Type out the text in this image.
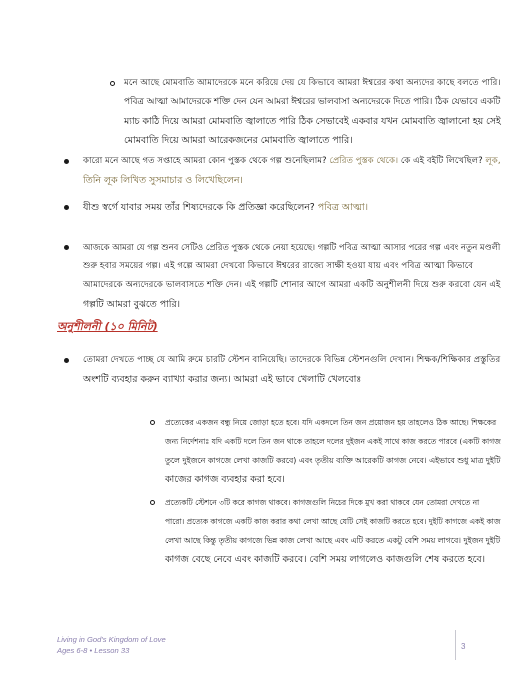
মনে আছে মোমবাতি আমাদেরকে মনে করিয়ে দেয় যে কিভাবে আমরা ঈশ্বরের কথা অন্যদের কাছে বলতে পারি।
পবিত্র আত্মা আমাদেরকে শক্তি দেন যেন আমরা ঈশ্বরের ভালবাসা অন্যদেরকে দিতে পারি। ঠিক যেভাবে একটি
ম্যাচ কাঠি দিয়ে আমরা মোমবাতি জ্বালাতে পারি ঠিক সেভাবেই একবার যখন মোমবাতি জ্বালানো হয় সেই
মোমবাতি দিয়ে আমরা আরেকজনের মোমবাতি জ্বালাতে পারি।

কারো মনে আছে গত সপ্তাহে আমরা কোন পুস্তক থেকে গল্প শুনেছিলাম? প্রেরিত পুস্তক থেকে। কে এই বইটি লিখেছিল? লূক,
তিনি লূক লিখিত সুসমাচার ও লিখেছিলেন।

যীশু স্বর্গে যাবার সময় তাঁর শিষ্যদেরকে কি প্রতিজ্ঞা করেছিলেন? পবিত্র আত্মা।

আজকে আমরা যে গল্প শুনব সেটিও প্রেরিত পুস্তক থেকে নেয়া হয়েছে। গল্পটি পবিত্র আত্মা আসার পরের গল্প এবং নতুন মণ্ডলী
শুরু হবার সময়ের গল্প। এই গল্পে আমরা দেখবো কিভাবে ঈশ্বরের রাজ্যে সাক্ষী হওয়া যায় এবং পবিত্র আত্মা কিভাবে
আমাদেরকে অন্যদেরকে ভালবাসতে শক্তি দেন। এই গল্পটি শোনার আগে আমরা একটি অনুশীলনী দিয়ে শুরু করবো যেন এই
গল্পটি আমরা বুঝতে পারি।

অনুশীলনী (১০ মিনিট)

তোমরা দেখতে পাচ্ছ যে আমি রুমে চারটি স্টেশন বানিয়েছি। তাদেরকে বিভিন্ন স্টেশনগুলি দেখান। শিক্ষক/শিক্ষিকার প্রস্তুতির
অংশটি ব্যবহার করুন ব্যাখ্যা করার জন্য। আমরা এই ভাবে খেলাটি খেলবোঃ

প্রত্যেকের একজন বন্ধু নিয়ে জোড়া হতে হবে। যদি একদলে তিন জন প্রয়োজন হয় তাহলেও ঠিক আছে। শিক্ষকের
জন্য নির্দেশনাঃ যদি একটি দলে তিন জন থাকে তাহলে দলের দুইজন একই সাথে কাজ করতে পারবে (একটি কাগজ
তুলে দুইজনে কাগজে লেখা কাজটি করবে) এবং তৃতীয় ব্যক্তি আরেকটি কাগজ নেবে। এইভাবে শুধু মাত্র দুইটি
কাজের কাগজ ব্যবহার করা হবে।

প্রত্যেকটি স্টেশনে ৩টি করে কাগজ থাকবে। কাগজগুলি নিচের দিকে মুখ করা থাকবে যেন তোমরা দেখতে না
পারো। প্রত্যেক কাগজে একটি কাজ করার কথা লেখা আছে যেটি সেই কাজটি করতে হবে। দুইটি কাগজে একই কাজ
লেখা আছে কিন্তু তৃতীয় কাগজে ভিন্ন কাজ লেখা আছে এবং এটি করতে একটু বেশি সময় লাগবে। দুইজন দুইটি
কাগজ বেছে নেবে এবং কাজটি করবে। বেশি সময় লাগলেও কাজগুলি শেষ করতে হবে।

Living in God's Kingdom of Love
Ages 6-8 • Lesson 33	3
